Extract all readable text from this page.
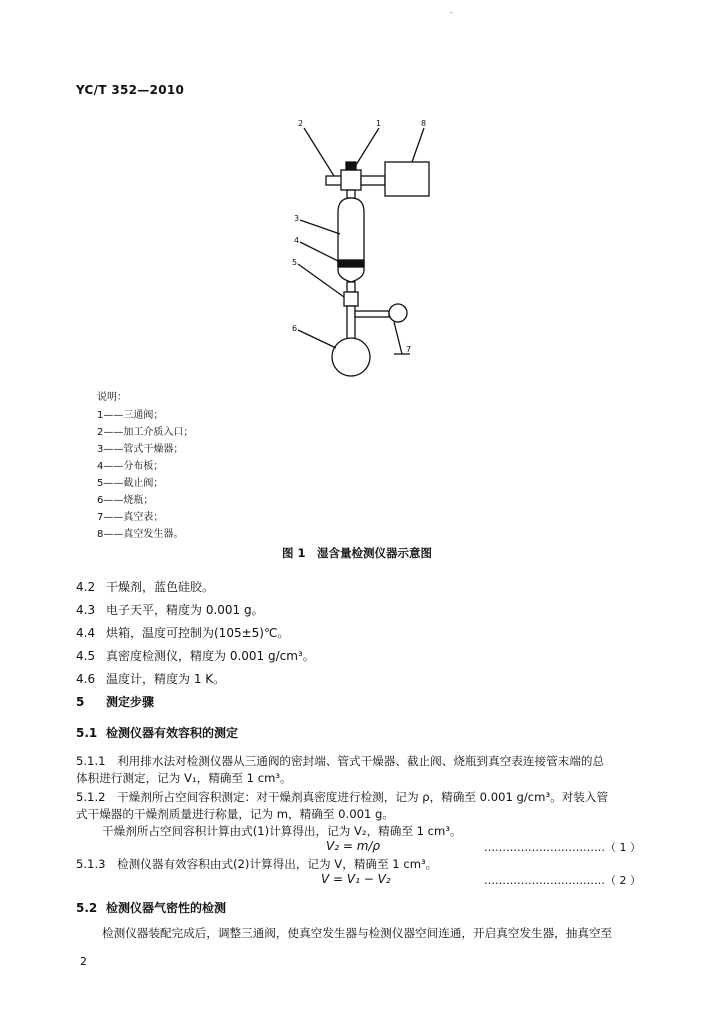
-
YC/T 352—2010
2	1	8
3
4
5
6
7
说明：
1——三通阀；
2——加工介质入口；
3——管式干燥器；
4——分布板；
5——截止阀；
6——烧瓶；
7——真空表；
8——真空发生器。
图 1　湿含量检测仪器示意图
4.2 干燥剂，蓝色硅胶。
4.3 电子天平，精度为 0.001 g。
4.4 烘箱，温度可控制为(105±5)℃。
4.5 真密度检测仪，精度为 0.001 g/cm³。
4.6 温度计，精度为 1 K。
5 测定步骤
5.1 检测仪器有效容积的测定
5.1.1　利用排水法对检测仪器从三通阀的密封端、管式干燥器、截止阀、烧瓶到真空表连接管末端的总
体积进行测定，记为 V₁，精确至 1 cm³。
5.1.2　干燥剂所占空间容积测定：对干燥剂真密度进行检测，记为 ρ，精确至 0.001 g/cm³。对装入管
式干燥器的干燥剂质量进行称量，记为 m，精确至 0.001 g。
干燥剂所占空间容积计算由式(1)计算得出，记为 V₂，精确至 1 cm³。
V₂ = m/ρ	……………………………（ 1 ）
5.1.3　检测仪器有效容积由式(2)计算得出，记为 V，精确至 1 cm³。
V = V₁ − V₂	……………………………（ 2 ）
5.2 检测仪器气密性的检测
检测仪器装配完成后，调整三通阀，使真空发生器与检测仪器空间连通，开启真空发生器，抽真空至
2
